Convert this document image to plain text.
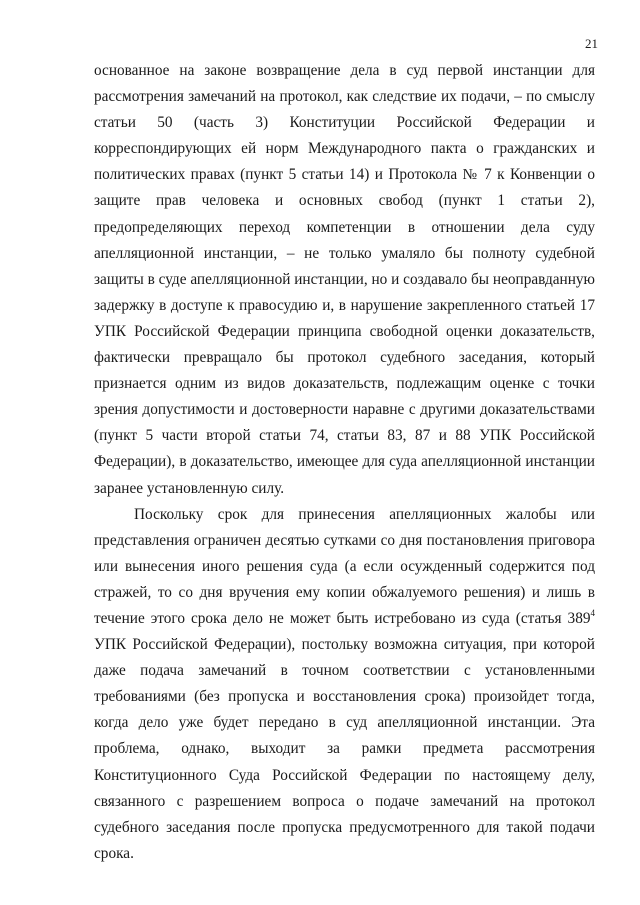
21

основанное на законе возвращение дела в суд первой инстанции для рассмотрения замечаний на протокол, как следствие их подачи, – по смыслу статьи 50 (часть 3) Конституции Российской Федерации и корреспондирующих ей норм Международного пакта о гражданских и политических правах (пункт 5 статьи 14) и Протокола № 7 к Конвенции о защите прав человека и основных свобод (пункт 1 статьи 2), предопределяющих переход компетенции в отношении дела суду апелляционной инстанции, – не только умаляло бы полноту судебной защиты в суде апелляционной инстанции, но и создавало бы неоправданную задержку в доступе к правосудию и, в нарушение закрепленного статьей 17 УПК Российской Федерации принципа свободной оценки доказательств, фактически превращало бы протокол судебного заседания, который признается одним из видов доказательств, подлежащим оценке с точки зрения допустимости и достоверности наравне с другими доказательствами (пункт 5 части второй статьи 74, статьи 83, 87 и 88 УПК Российской Федерации), в доказательство, имеющее для суда апелляционной инстанции заранее установленную силу.

Поскольку срок для принесения апелляционных жалобы или представления ограничен десятью сутками со дня постановления приговора или вынесения иного решения суда (а если осужденный содержится под стражей, то со дня вручения ему копии обжалуемого решения) и лишь в течение этого срока дело не может быть истребовано из суда (статья $389^4$ УПК Российской Федерации), постольку возможна ситуация, при которой даже подача замечаний в точном соответствии с установленными требованиями (без пропуска и восстановления срока) произойдет тогда, когда дело уже будет передано в суд апелляционной инстанции. Эта проблема, однако, выходит за рамки предмета рассмотрения Конституционного Суда Российской Федерации по настоящему делу, связанного с разрешением вопроса о подаче замечаний на протокол судебного заседания после пропуска предусмотренного для такой подачи срока.
